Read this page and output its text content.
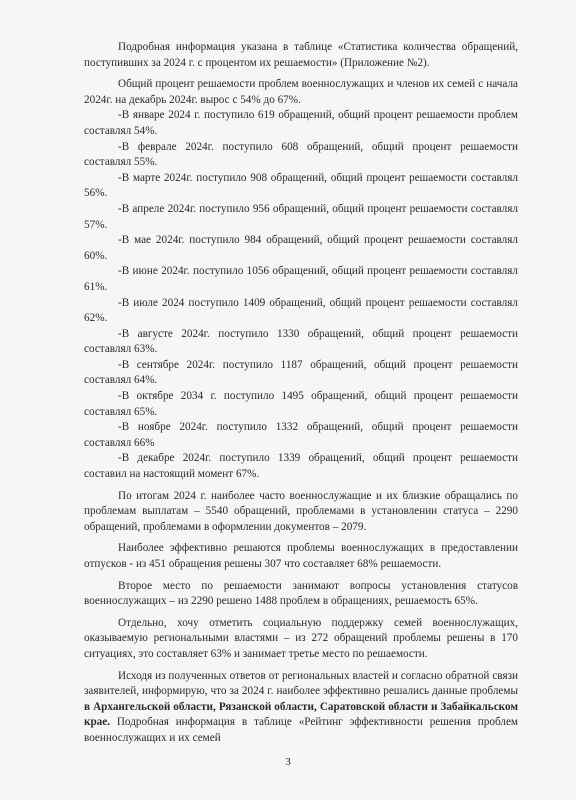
Подробная информация указана в таблице «Статистика количества обращений, поступивших за 2024 г. с процентом их решаемости» (Приложение №2).

Общий процент решаемости проблем военнослужащих и членов их семей с начала 2024г. на декабрь 2024г. вырос с 54% до 67%.

-В январе 2024 г. поступило 619 обращений, общий процент решаемости проблем составлял 54%.

-В феврале 2024г. поступило 608 обращений, общий процент решаемости составлял 55%.

-В марте 2024г. поступило 908 обращений, общий процент решаемости составлял 56%.

-В апреле 2024г. поступило 956 обращений, общий процент решаемости составлял 57%.

-В мае 2024г. поступило 984 обращений, общий процент решаемости составлял 60%.

-В июне 2024г. поступило 1056 обращений, общий процент решаемости составлял 61%.

-В июле 2024 поступило 1409 обращений, общий процент решаемости составлял 62%.

-В августе 2024г. поступило 1330 обращений, общий процент решаемости составлял 63%.

-В сентябре 2024г. поступило 1187 обращений, общий процент решаемости составлял 64%.

-В октябре 2034 г. поступило 1495 обращений, общий процент решаемости составлял 65%.

-В ноябре 2024г. поступило 1332 обращений, общий процент решаемости составлял 66%

-В декабре 2024г. поступило 1339 обращений, общий процент решаемости составил на настоящий момент 67%.

По итогам 2024 г. наиболее часто военнослужащие и их близкие обращались по проблемам выплатам – 5540 обращений, проблемами в установлении статуса – 2290 обращений, проблемами в оформлении документов – 2079.

Наиболее эффективно решаются проблемы военнослужащих в предоставлении отпусков - из 451 обращения решены 307 что составляет 68% решаемости.

Второе место по решаемости занимают вопросы установления статусов военнослужащих – из 2290 решено 1488 проблем в обращениях, решаемость 65%.

Отдельно, хочу отметить социальную поддержку семей военнослужащих, оказываемую региональными властями – из 272 обращений проблемы решены в 170 ситуациях, это составляет 63% и занимает третье место по решаемости.

Исходя из полученных ответов от региональных властей и согласно обратной связи заявителей, информирую, что за 2024 г. наиболее эффективно решались данные проблемы в Архангельской области, Рязанской области, Саратовской области и Забайкальском крае. Подробная информация в таблице «Рейтинг эффективности решения проблем военнослужащих и их семей

3
